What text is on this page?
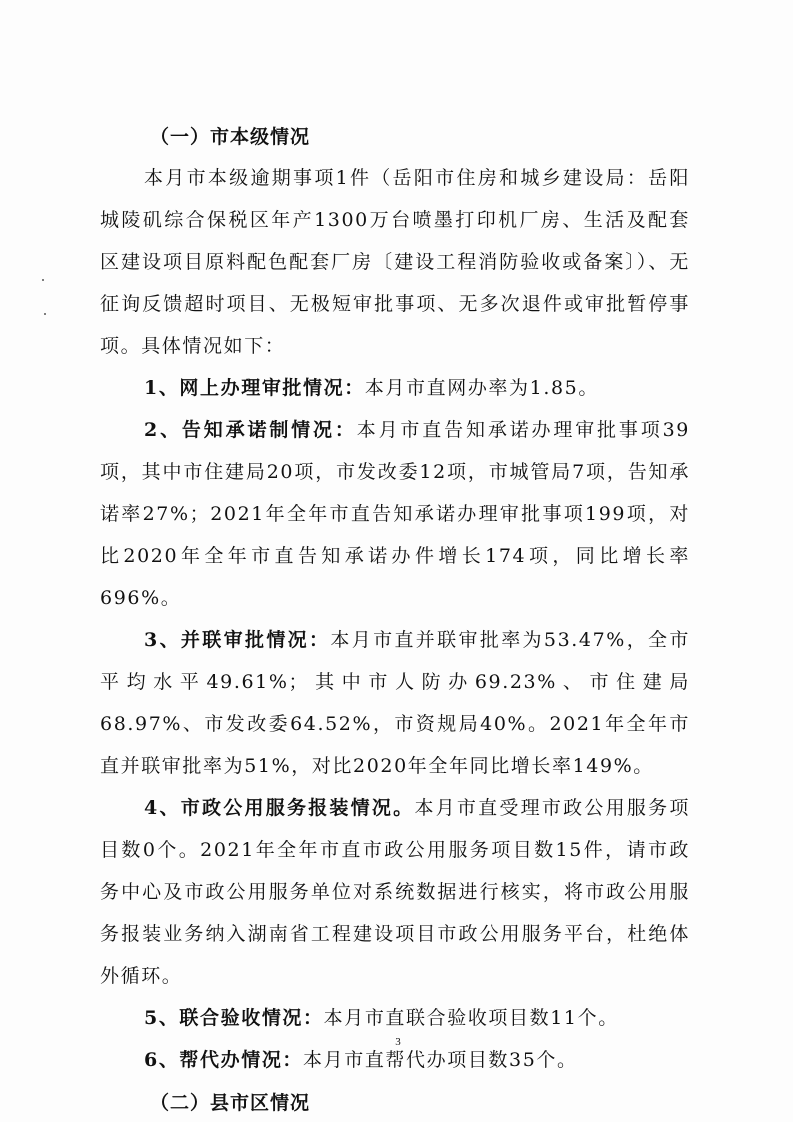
（一）市本级情况

本月市本级逾期事项1件（岳阳市住房和城乡建设局：岳阳城陵矶综合保税区年产1300万台喷墨打印机厂房、生活及配套区建设项目原料配色配套厂房〔建设工程消防验收或备案〕）、无征询反馈超时项目、无极短审批事项、无多次退件或审批暂停事项。具体情况如下：

1、网上办理审批情况：本月市直网办率为1.85。

2、告知承诺制情况：本月市直告知承诺办理审批事项39项，其中市住建局20项，市发改委12项，市城管局7项，告知承诺率27%；2021年全年市直告知承诺办理审批事项199项，对比2020年全年市直告知承诺办件增长174项，同比增长率696%。

3、并联审批情况：本月市直并联审批率为53.47%，全市平均水平49.61%；其中市人防办69.23%、市住建局68.97%、市发改委64.52%，市资规局40%。2021年全年市直并联审批率为51%，对比2020年全年同比增长率149%。

4、市政公用服务报装情况。本月市直受理市政公用服务项目数0个。2021年全年市直市政公用服务项目数15件，请市政务中心及市政公用服务单位对系统数据进行核实，将市政公用服务报装业务纳入湖南省工程建设项目市政公用服务平台，杜绝体外循环。

5、联合验收情况：本月市直联合验收项目数11个。

6、帮代办情况：本月市直帮代办项目数35个。

（二）县市区情况
3
